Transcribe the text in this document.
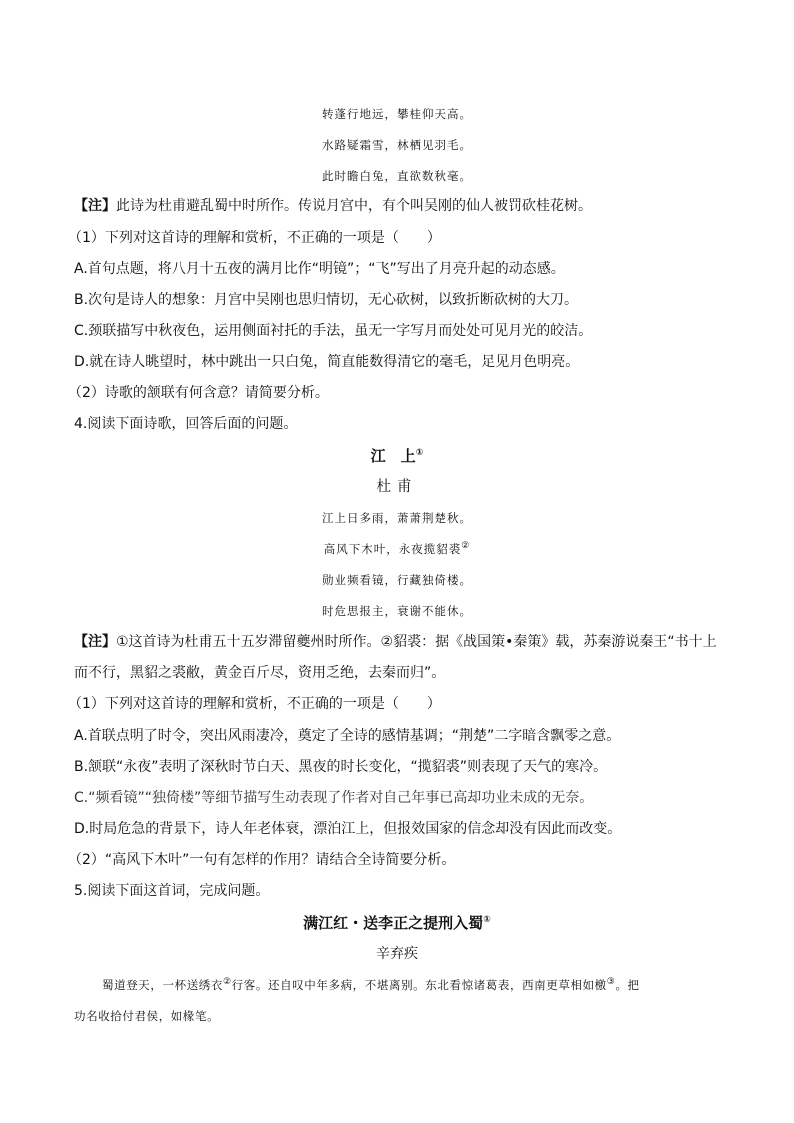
转蓬行地远，攀桂仰天高。
水路疑霜雪，林栖见羽毛。
此时瞻白兔，直欲数秋毫。
【注】此诗为杜甫避乱蜀中时所作。传说月宫中，有个叫吴刚的仙人被罚砍桂花树。
（1）下列对这首诗的理解和赏析，不正确的一项是（　　）
A.首句点题，将八月十五夜的满月比作“明镜”；“飞”写出了月亮升起的动态感。
B.次句是诗人的想象：月宫中吴刚也思归情切，无心砍树，以致折断砍树的大刀。
C.颈联描写中秋夜色，运用侧面衬托的手法，虽无一字写月而处处可见月光的皎洁。
D.就在诗人眺望时，林中跳出一只白兔，简直能数得清它的毫毛，足见月色明亮。
（2）诗歌的颔联有何含意？请简要分析。
4.阅读下面诗歌，回答后面的问题。
江　上①
杜甫
江上日多雨，萧萧荆楚秋。
高风下木叶，永夜揽貂裘②
勋业频看镜，行藏独倚楼。
时危思报主，衰谢不能休。
【注】①这首诗为杜甫五十五岁滞留夔州时所作。②貂裘：据《战国策•秦策》载，苏秦游说秦王“书十上
而不行，黑貂之裘敝，黄金百斤尽，资用乏绝，去秦而归”。
（1）下列对这首诗的理解和赏析，不正确的一项是（　　）
A.首联点明了时令，突出风雨凄冷，奠定了全诗的感情基调；“荆楚”二字暗含飘零之意。
B.颔联“永夜”表明了深秋时节白天、黑夜的时长变化，“揽貂裘”则表现了天气的寒冷。
C.“频看镜”“独倚楼”等细节描写生动表现了作者对自己年事已高却功业未成的无奈。
D.时局危急的背景下，诗人年老体衰，漂泊江上，但报效国家的信念却没有因此而改变。
（2）“高风下木叶”一句有怎样的作用？请结合全诗简要分析。
5.阅读下面这首词，完成问题。
满江红・送李正之提刑入蜀①
辛弃疾
蜀道登天，一杯送绣衣②行客。还自叹中年多病，不堪离别。东北看惊诸葛表，西南更草相如檄③。把
功名收拾付君侯，如椽笔。
